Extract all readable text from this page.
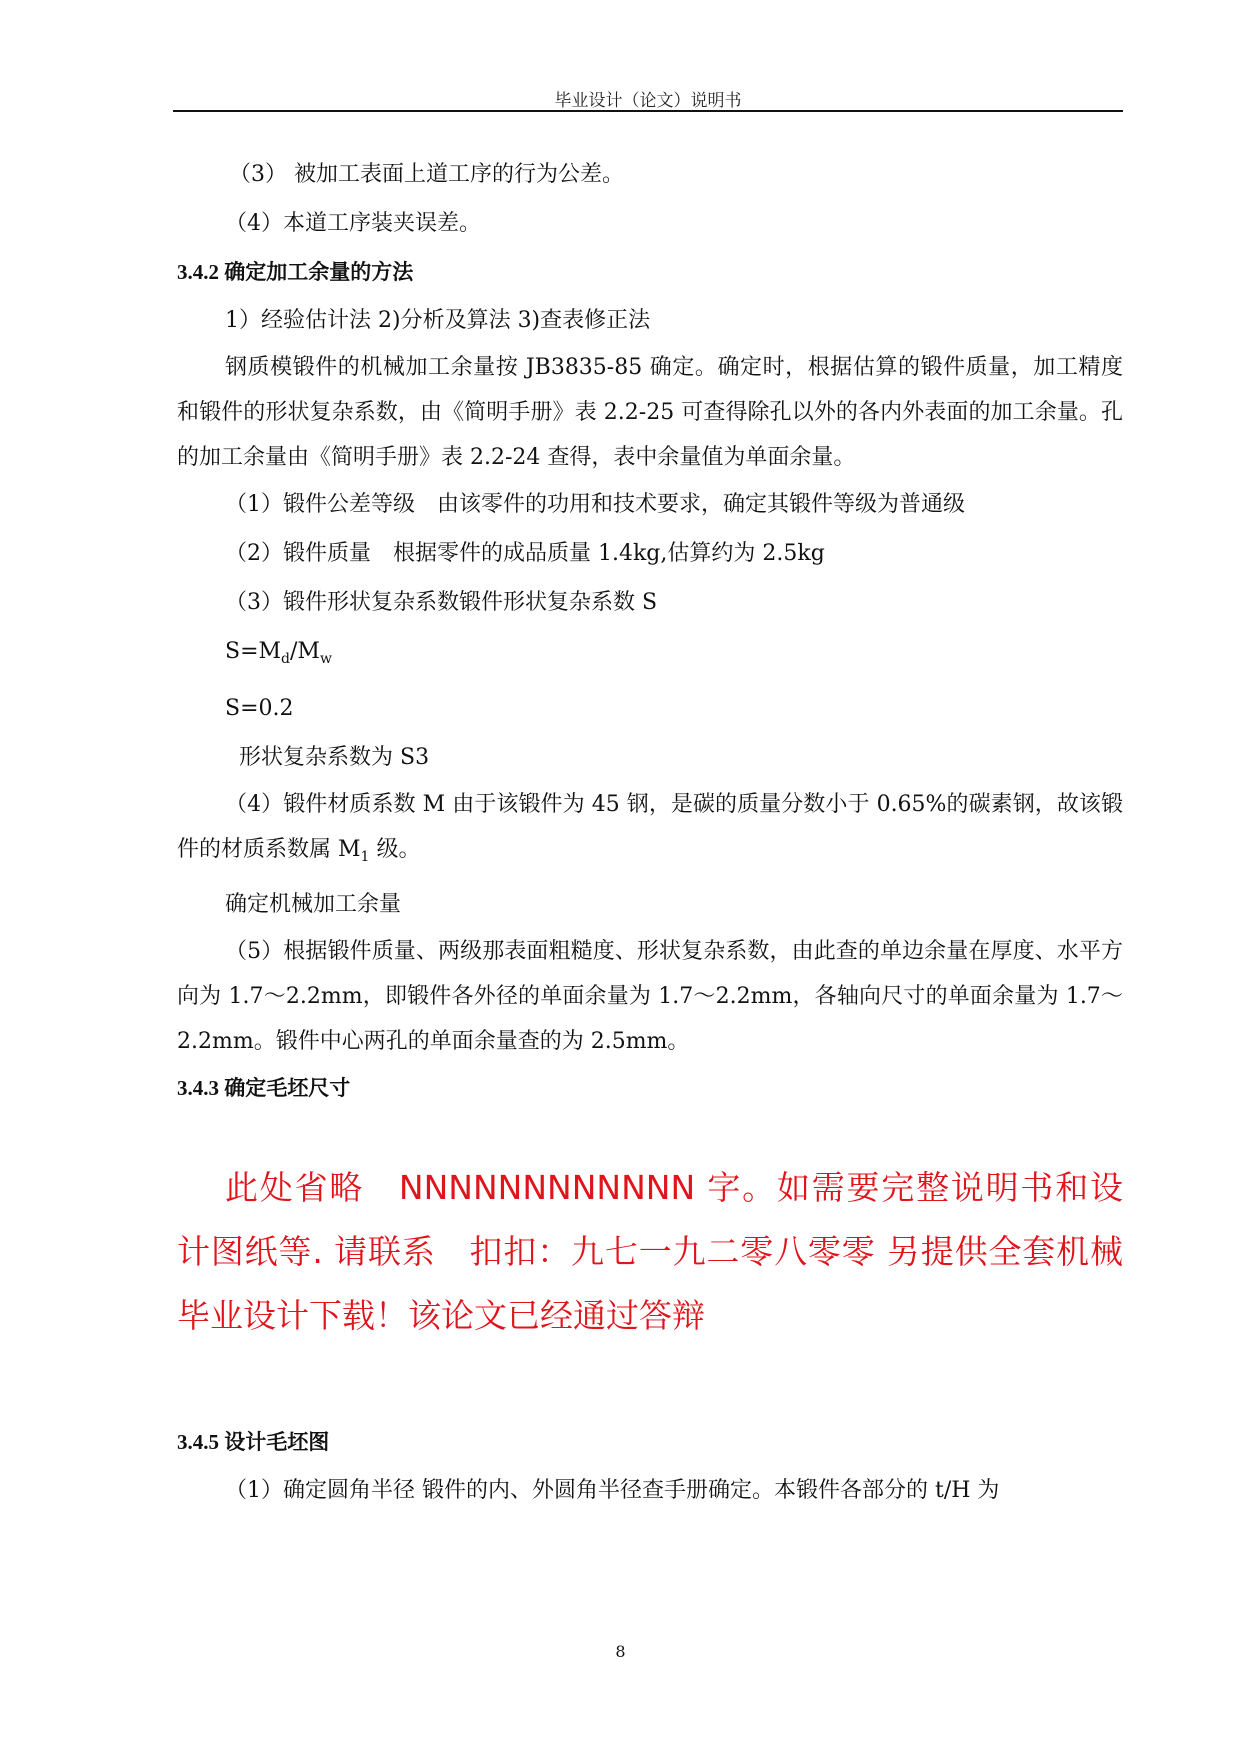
毕业设计（论文）说明书

（3） 被加工表面上道工序的行为公差。

（4）本道工序装夹误差。

3.4.2 确定加工余量的方法

1）经验估计法 2)分析及算法 3)查表修正法

钢质模锻件的机械加工余量按 JB3835-85 确定。确定时，根据估算的锻件质量，加工精度和锻件的形状复杂系数，由《简明手册》表 2.2-25 可查得除孔以外的各内外表面的加工余量。孔的加工余量由《简明手册》表 2.2-24 查得，表中余量值为单面余量。

（1）锻件公差等级　由该零件的功用和技术要求，确定其锻件等级为普通级

（2）锻件质量　根据零件的成品质量 1.4kg,估算约为 2.5kg

（3）锻件形状复杂系数锻件形状复杂系数 S

$S=M_d/M_w$

S=0.2

形状复杂系数为 S3

（4）锻件材质系数 M 由于该锻件为 45 钢，是碳的质量分数小于 0.65%的碳素钢，故该锻件的材质系数属 $M_1$ 级。

确定机械加工余量

（5）根据锻件质量、两级那表面粗糙度、形状复杂系数，由此查的单边余量在厚度、水平方向为 1.7～2.2mm，即锻件各外径的单面余量为 1.7～2.2mm，各轴向尺寸的单面余量为 1.7～2.2mm。锻件中心两孔的单面余量查的为 2.5mm。

3.4.3 确定毛坯尺寸

此处省略　NNNNNNNNNNNN 字。如需要完整说明书和设计图纸等. 请联系　扣扣：九七一九二零八零零 另提供全套机械毕业设计下载！该论文已经通过答辩

3.4.5 设计毛坯图

（1）确定圆角半径 锻件的内、外圆角半径查手册确定。本锻件各部分的 t/H 为

8
